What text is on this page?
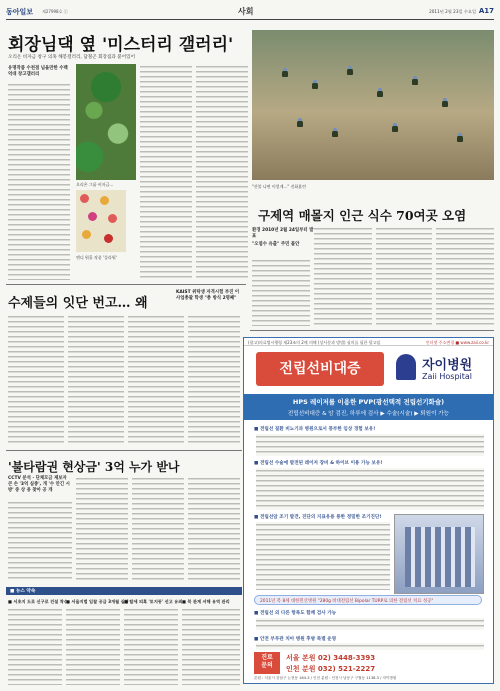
동아일보 제27998호 ⓒ	사회	2011년 2월 23일 수요일 A17
회장님댁 옆 '미스터리 갤러리'
오리온 비자금 창구 의혹 해봉갤러리, 담철곤 회장집과 붙어있어
유명작품 수천점 넘을만한 수백억대 창고갤러리
오리온 그룹 비자금...
앤디 워홀 작품 '플라워'
"산불 나면 이렇게…" 진화훈련
구제역 매몰지 인근 식수 70여곳 오염
환경 2010년 2월 24일부터 발표
"오염수 유출" 주민 불안
수제들의 잇단 번고… 왜
KAIST 위탁생 자격시험 부진 이 사업총괄 학생 "총 방식 2명째"
'불타람권 현상금' 3억 누가 받나
CCTV 분석 · 단체모금 제보자 큰 손 '3억 실종', 개 '수 안긴 시 방' 중 상 용 찾아 공 개
■ 뉴스 약속
■ 서초지 도로 신구로 건설 착수
■ 서울지법 입찰 공급 3개월 실형
■ 탈세 의혹 '토지동' 선고 유죄 ■ 북 관계 서해 유역 관리
(광고)의료법시행령 제23조의 2에 의해 (상사분과 방법) 심의를 필한 광고임	인터넷 주소변경 ■ www.zaii.co.kr
전립선비대증	자이병원
Zaii Hospital
HPS 레이저를 이용한 PVP(광선택적 전립선기화술)
전립선비대증 & 암 검진, 하루에 검사 ▶ 수술(시술) ▶ 퇴원이 가능
■ 전립선 질환 비뇨기과 병원으로서 풍부한 임상 경험 보유!
■ 전립선 수술에 발전된 레이저 장비 & 하이브 이용 가능 보유!
■ 전립선암 조기 발견, 진단의 지표유용 통한 정밀한 조기진단!
2011년 복 8세 대한민산병원 "280g 비대전립선 Bipolar TURP로 의한 전립선 치료 성공"
■ 전립선 외 다른 항목도 함께 검사 가능
■ 안전 부루관 치아 병원 후방 특별 운영
진료
문의
서울 본원 02) 3448-3393
인천 분원 032) 521-2227
본원 : 서울시 강남구 논현동 164-3 / 인천 분원 : 인천시 남동구 구월동 1138-3 / 자이병원
